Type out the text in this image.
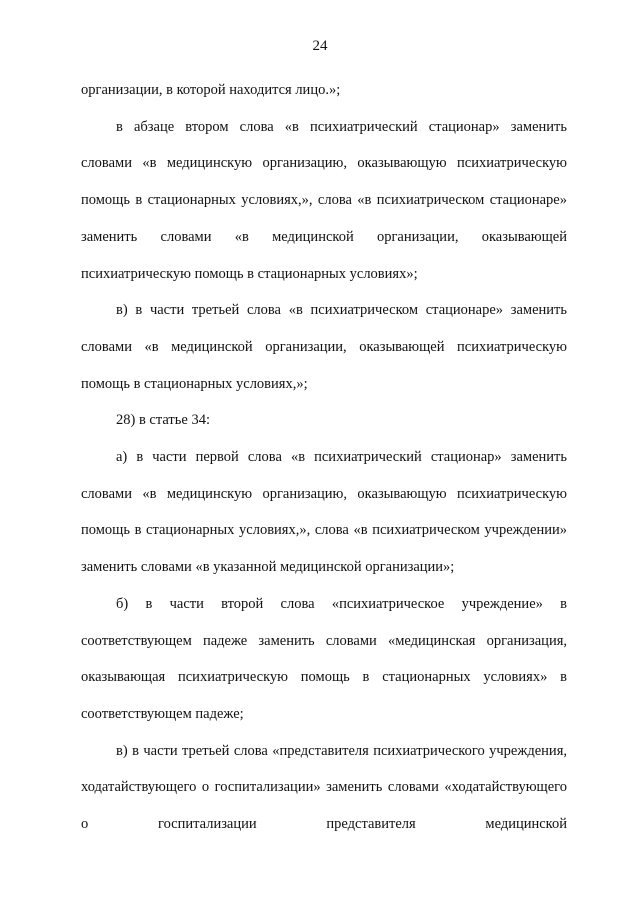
24

организации, в которой находится лицо.»;

в абзаце втором слова «в психиатрический стационар» заменить словами «в медицинскую организацию, оказывающую психиатрическую помощь в стационарных условиях,», слова «в психиатрическом стационаре» заменить словами «в медицинской организации, оказывающей психиатрическую помощь в стационарных условиях»;

в) в части третьей слова «в психиатрическом стационаре» заменить словами «в медицинской организации, оказывающей психиатрическую помощь в стационарных условиях,»;

28) в статье 34:

а) в части первой слова «в психиатрический стационар» заменить словами «в медицинскую организацию, оказывающую психиатрическую помощь в стационарных условиях,», слова «в психиатрическом учреждении» заменить словами «в указанной медицинской организации»;

б) в части второй слова «психиатрическое учреждение» в соответствующем падеже заменить словами «медицинская организация, оказывающая психиатрическую помощь в стационарных условиях» в соответствующем падеже;

в) в части третьей слова «представителя психиатрического учреждения, ходатайствующего о госпитализации» заменить словами «ходатайствующего о госпитализации представителя медицинской
